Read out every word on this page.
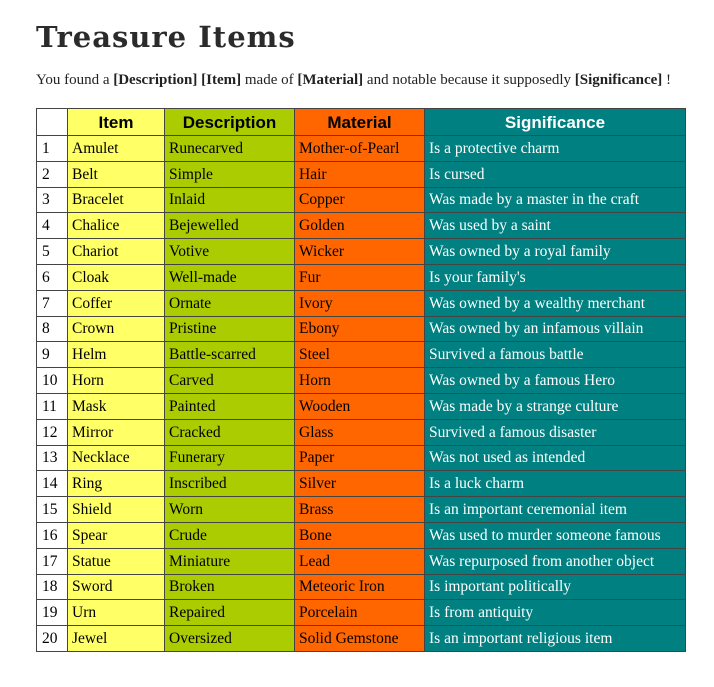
Treasure Items

You found a [Description] [Item] made of [Material] and notable because it supposedly [Significance] !

	Item	Description	Material	Significance
1	Amulet	Runecarved	Mother-of-Pearl	Is a protective charm
2	Belt	Simple	Hair	Is cursed
3	Bracelet	Inlaid	Copper	Was made by a master in the craft
4	Chalice	Bejewelled	Golden	Was used by a saint
5	Chariot	Votive	Wicker	Was owned by a royal family
6	Cloak	Well-made	Fur	Is your family's
7	Coffer	Ornate	Ivory	Was owned by a wealthy merchant
8	Crown	Pristine	Ebony	Was owned by an infamous villain
9	Helm	Battle-scarred	Steel	Survived a famous battle
10	Horn	Carved	Horn	Was owned by a famous Hero
11	Mask	Painted	Wooden	Was made by a strange culture
12	Mirror	Cracked	Glass	Survived a famous disaster
13	Necklace	Funerary	Paper	Was not used as intended
14	Ring	Inscribed	Silver	Is a luck charm
15	Shield	Worn	Brass	Is an important ceremonial item
16	Spear	Crude	Bone	Was used to murder someone famous
17	Statue	Miniature	Lead	Was repurposed from another object
18	Sword	Broken	Meteoric Iron	Is important politically
19	Urn	Repaired	Porcelain	Is from antiquity
20	Jewel	Oversized	Solid Gemstone	Is an important religious item
